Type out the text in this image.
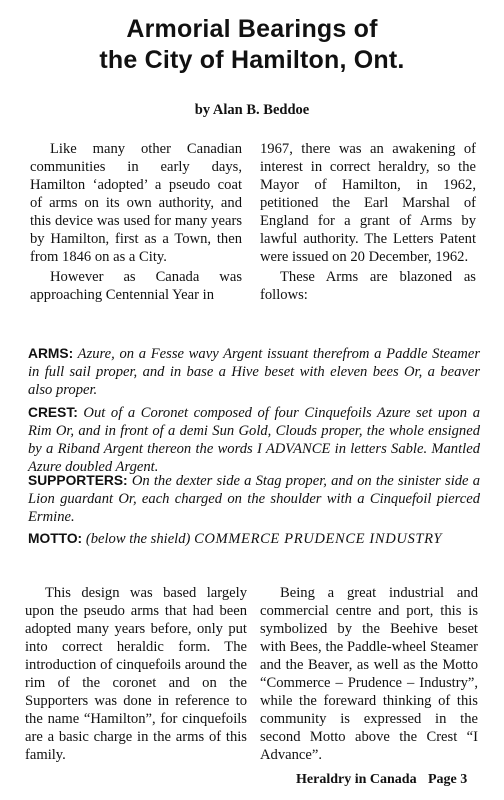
Armorial Bearings of
the City of Hamilton, Ont.
by Alan B. Beddoe

Like many other Canadian communities in early days, Hamilton ‘adopted’ a pseudo coat of arms on its own authority, and this device was used for many years by Hamilton, first as a Town, then from 1846 on as a City.

However as Canada was approaching Centennial Year in

1967, there was an awakening of interest in correct heraldry, so the Mayor of Hamilton, in 1962, petitioned the Earl Marshal of England for a grant of Arms by lawful authority. The Letters Patent were issued on 20 December, 1962.

These Arms are blazoned as follows:

ARMS: Azure, on a Fesse wavy Argent issuant therefrom a Paddle Steamer in full sail proper, and in base a Hive beset with eleven bees Or, a beaver also proper.
CREST: Out of a Coronet composed of four Cinquefoils Azure set upon a Rim Or, and in front of a demi Sun Gold, Clouds proper, the whole ensigned by a Riband Argent thereon the words I ADVANCE in letters Sable. Mantled Azure doubled Argent.
SUPPORTERS: On the dexter side a Stag proper, and on the sinister side a Lion guardant Or, each charged on the shoulder with a Cinquefoil pierced Ermine.
MOTTO: (below the shield) COMMERCE PRUDENCE INDUSTRY

This design was based largely upon the pseudo arms that had been adopted many years before, only put into correct heraldic form. The introduction of cinquefoils around the rim of the coronet and on the Supporters was done in reference to the name “Hamilton”, for cinquefoils are a basic charge in the arms of this family.

Being a great industrial and commercial centre and port, this is symbolized by the Beehive beset with Bees, the Paddle-wheel Steamer and the Beaver, as well as the Motto “Commerce – Prudence – Industry”, while the foreward thinking of this community is expressed in the second Motto above the Crest “I Advance”.

Heraldry in Canada Page 3
